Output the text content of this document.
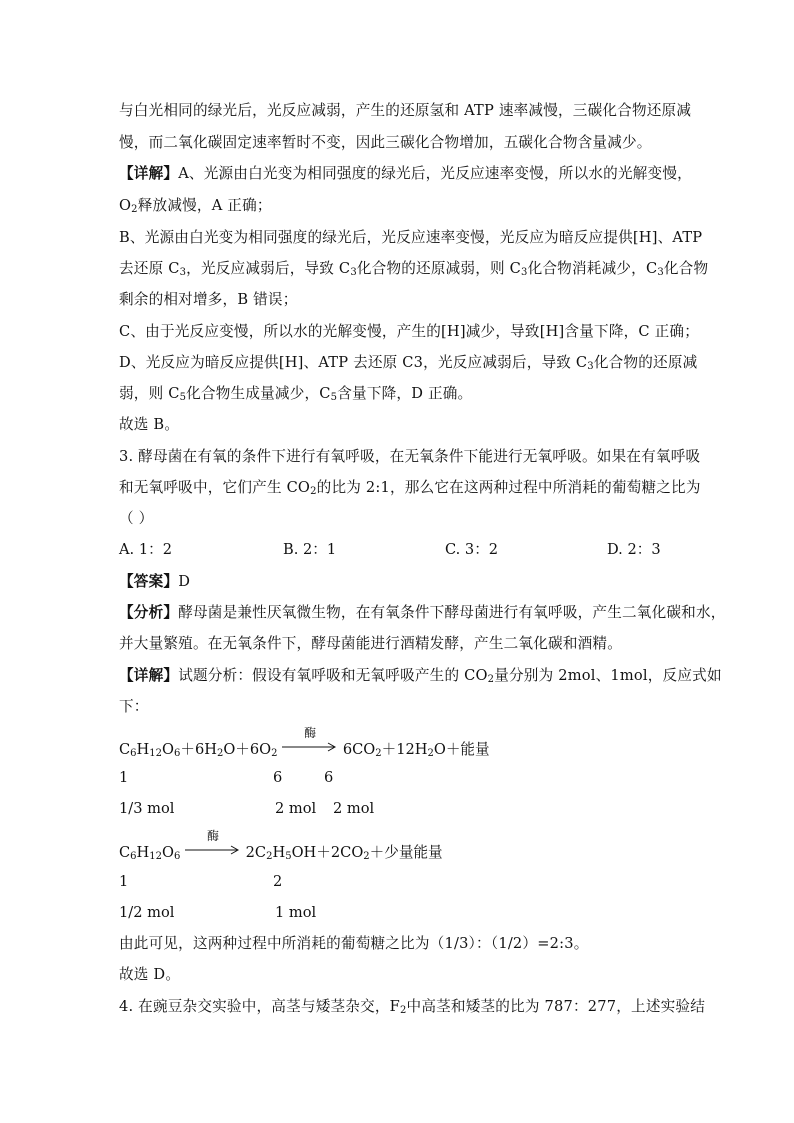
与白光相同的绿光后，光反应减弱，产生的还原氢和 ATP 速率减慢，三碳化合物还原减
慢，而二氧化碳固定速率暂时不变，因此三碳化合物增加，五碳化合物含量减少。
【详解】A、光源由白光变为相同强度的绿光后，光反应速率变慢，所以水的光解变慢，
$O_2$释放减慢，A 正确；
B、光源由白光变为相同强度的绿光后，光反应速率变慢，光反应为暗反应提供[H]、ATP
去还原 $C_3$，光反应减弱后，导致 $C_3$化合物的还原减弱，则 $C_3$化合物消耗减少，$C_3$化合物
剩余的相对增多，B 错误；
C、由于光反应变慢，所以水的光解变慢，产生的[H]减少，导致[H]含量下降，C 正确；
D、光反应为暗反应提供[H]、ATP 去还原 C3，光反应减弱后，导致 $C_3$化合物的还原减
弱，则 $C_5$化合物生成量减少，$C_5$含量下降，D 正确。
故选 B。
3. 酵母菌在有氧的条件下进行有氧呼吸，在无氧条件下能进行无氧呼吸。如果在有氧呼吸
和无氧呼吸中，它们产生 $CO_2$的比为 2:1，那么它在这两种过程中所消耗的葡萄糖之比为
（ ）
A. 1：2	B. 2：1	C. 3：2	D. 2：3
【答案】D
【分析】酵母菌是兼性厌氧微生物，在有氧条件下酵母菌进行有氧呼吸，产生二氧化碳和水，
并大量繁殖。在无氧条件下，酵母菌能进行酒精发酵，产生二氧化碳和酒精。
【详解】试题分析：假设有氧呼吸和无氧呼吸产生的 $CO_2$量分别为 2mol、1mol，反应式如
下：
$C_6H_{12}O_6+6H_2O+6O_2$
酶
$6CO_2+12H_2O+$能量
1	6	6
1/3 mol	2 mol 2 mol
$C_6H_{12}O_6$
酶
$2C_2H_5OH+2CO_2+$少量能量
1	2
1/2 mol	1 mol
由此可见，这两种过程中所消耗的葡萄糖之比为（1/3）：（1/2）=2:3。
故选 D。
4. 在豌豆杂交实验中，高茎与矮茎杂交，$F_2$中高茎和矮茎的比为 787：277，上述实验结
